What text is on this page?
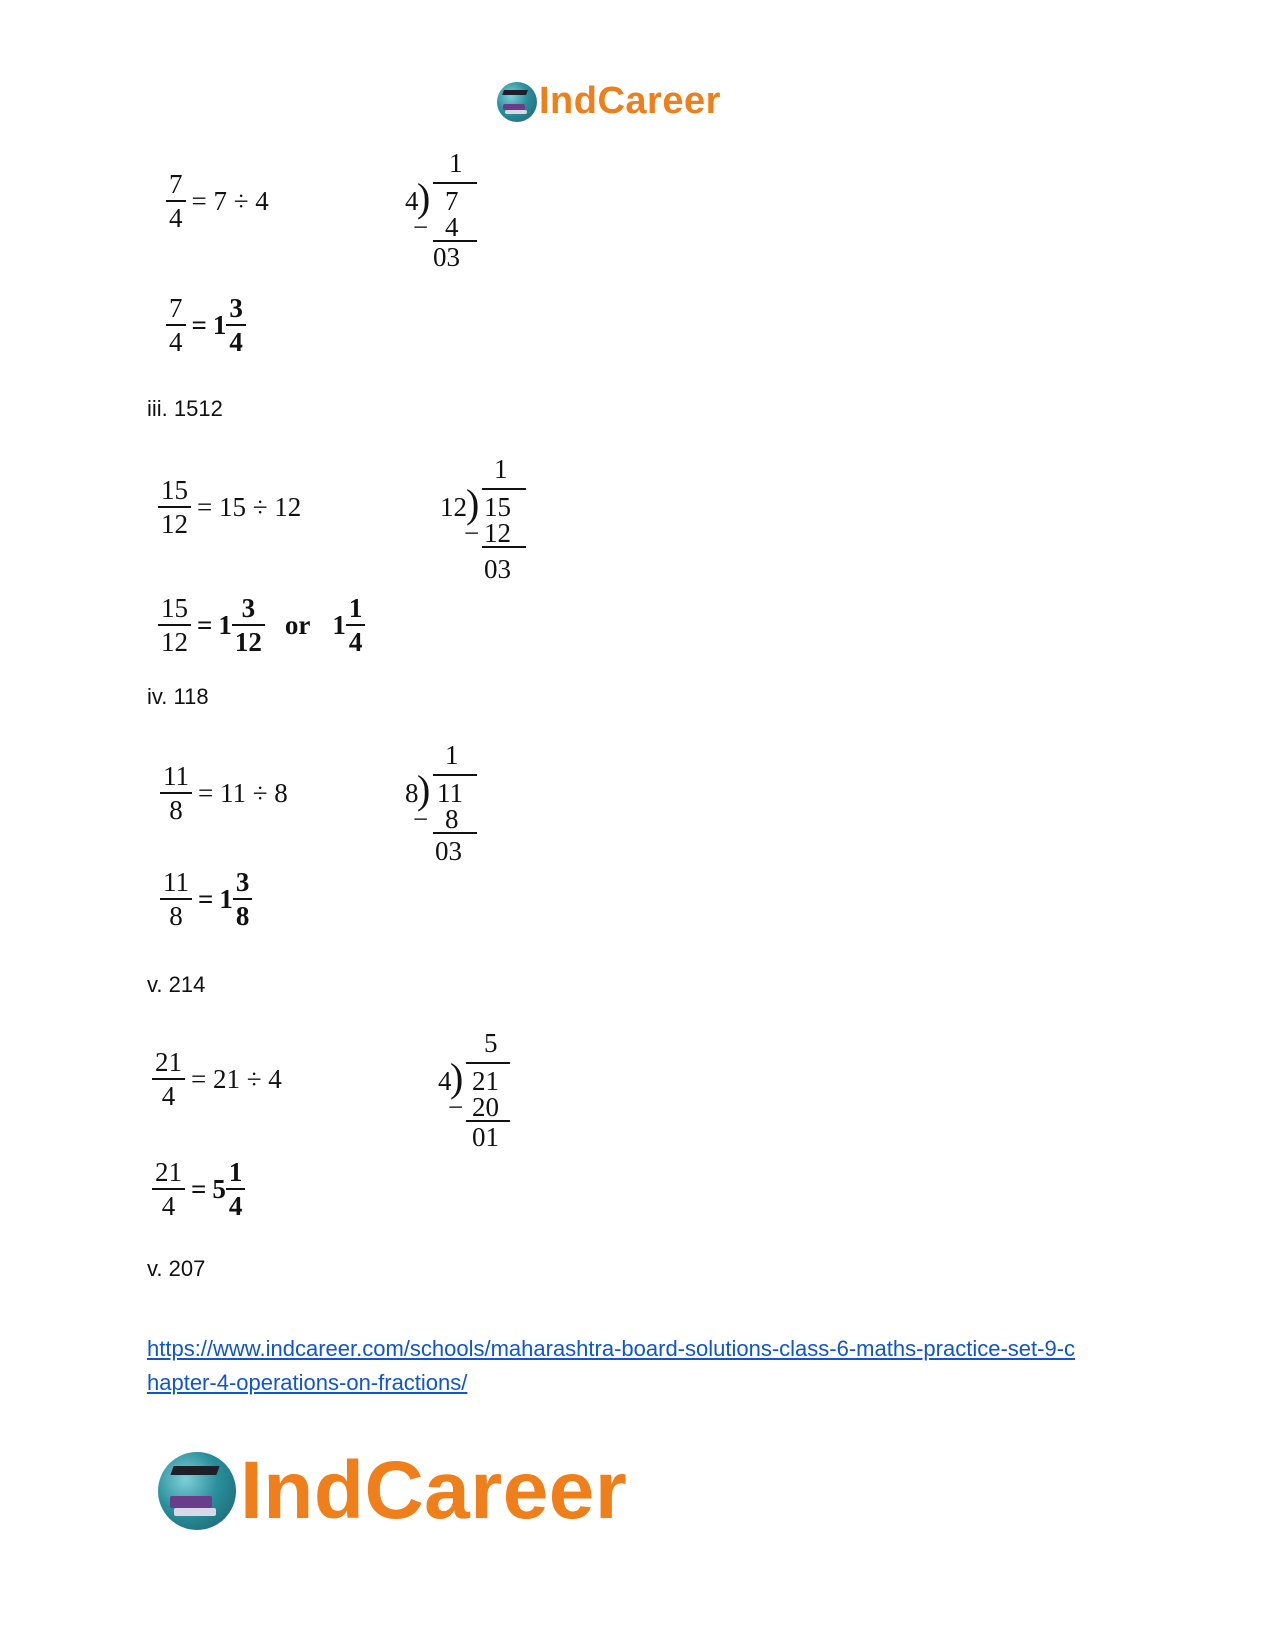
IndCareer
$\frac{7}{4} = 7 \div 4$
1
4
) 7
− 4
03
$\frac{7}{4} = 1 \frac{3}{4}$
iii. 1512
$\frac{15}{12} = 15 \div 12$
1
12 ) 15
− 12
03
$\frac{15}{12} = 1 \frac{3}{12}$ or $1 \frac{1}{4}$
iv. 118
$\frac{11}{8} = 11 \div 8$
1
8
) 11
− 8
03
$\frac{11}{8} = 1 \frac{3}{8}$
v. 214
$\frac{21}{4} = 21 \div 4$
5
4
) 21
− 20
01
$\frac{21}{4} = 5 \frac{1}{4}$
v. 207
https://www.indcareer.com/schools/maharashtra-board-solutions-class-6-maths-practice-set-9-c
hapter-4-operations-on-fractions/
IndCareer
